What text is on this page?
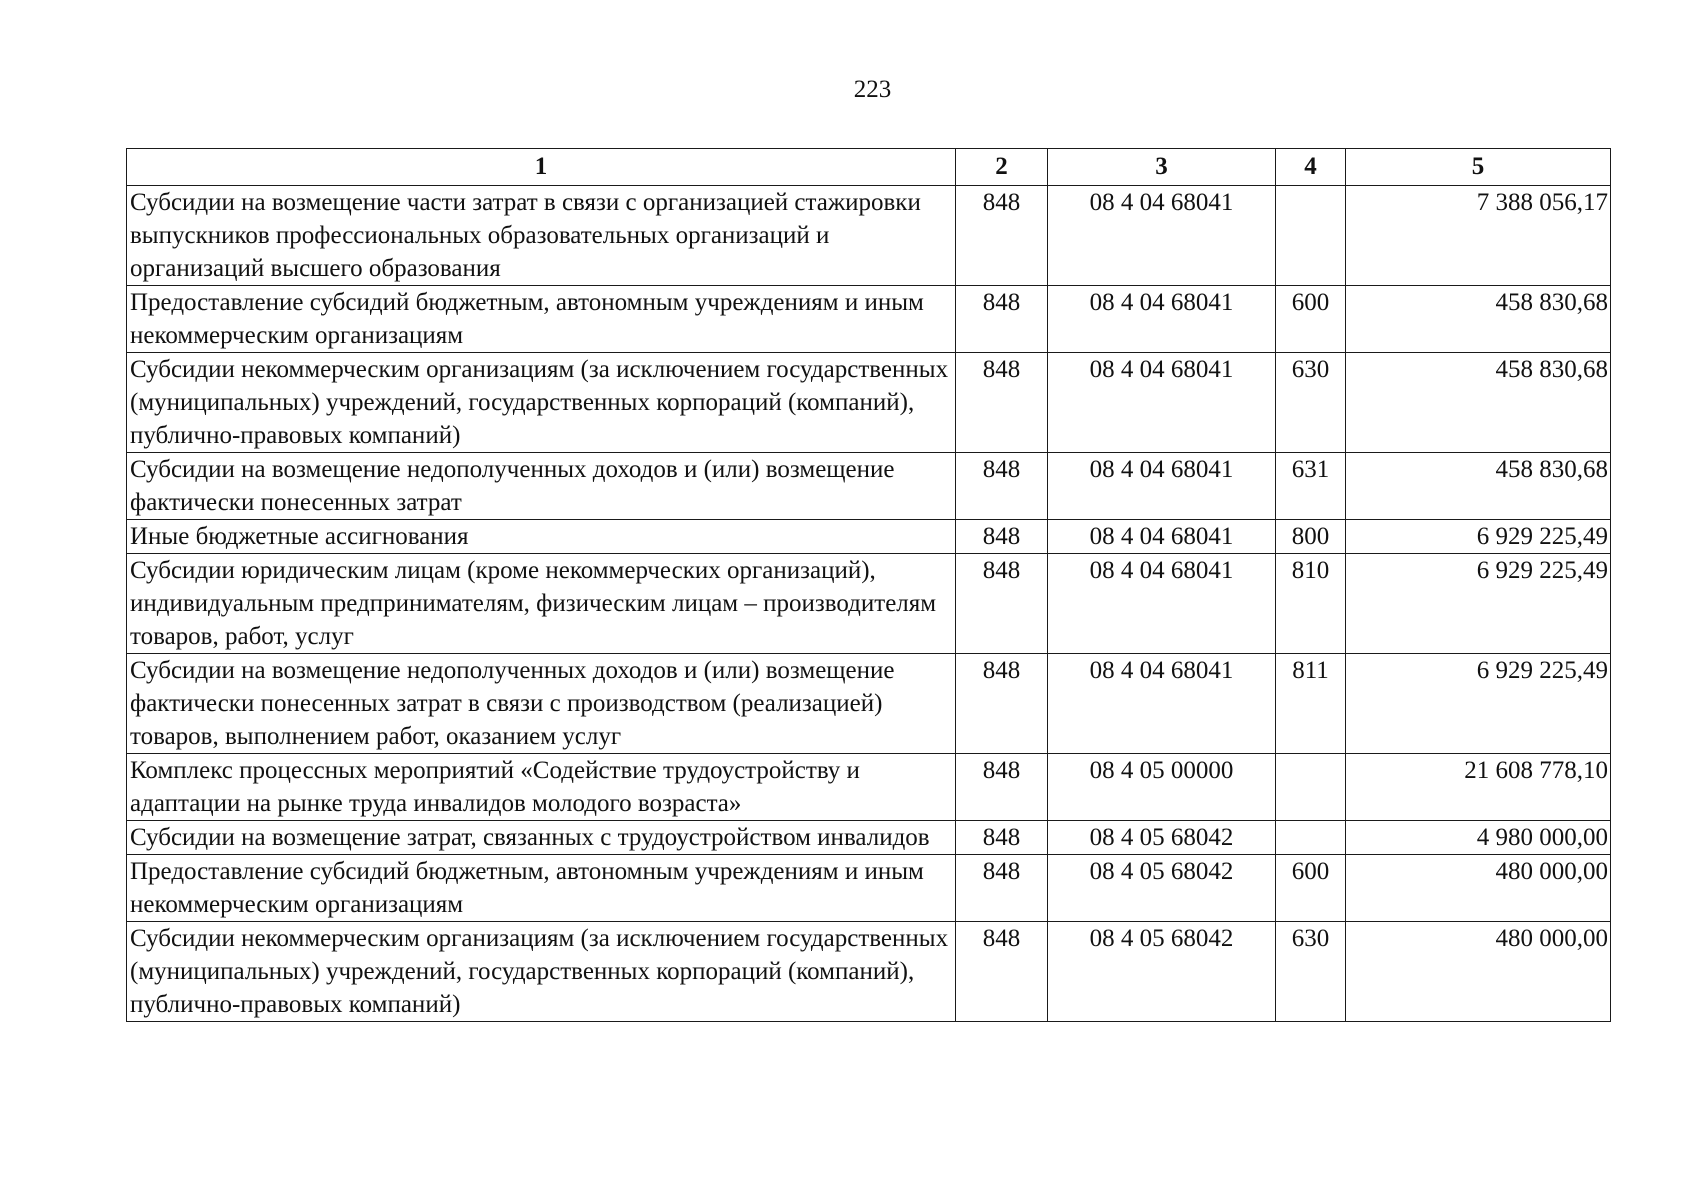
223
1	2	3	4	5
Субсидии на возмещение части затрат в связи с организацией стажировки выпускников профессиональных образовательных организаций и организаций высшего образования	848	08 4 04 68041		7 388 056,17
Предоставление субсидий бюджетным, автономным учреждениям и иным некоммерческим организациям	848	08 4 04 68041	600	458 830,68
Субсидии некоммерческим организациям (за исключением государственных (муниципальных) учреждений, государственных корпораций (компаний), публично-правовых компаний)	848	08 4 04 68041	630	458 830,68
Субсидии на возмещение недополученных доходов и (или) возмещение фактически понесенных затрат	848	08 4 04 68041	631	458 830,68
Иные бюджетные ассигнования	848	08 4 04 68041	800	6 929 225,49
Субсидии юридическим лицам (кроме некоммерческих организаций), индивидуальным предпринимателям, физическим лицам – производителям товаров, работ, услуг	848	08 4 04 68041	810	6 929 225,49
Субсидии на возмещение недополученных доходов и (или) возмещение фактически понесенных затрат в связи с производством (реализацией) товаров, выполнением работ, оказанием услуг	848	08 4 04 68041	811	6 929 225,49
Комплекс процессных мероприятий «Содействие трудоустройству и адаптации на рынке труда инвалидов молодого возраста»	848	08 4 05 00000		21 608 778,10
Субсидии на возмещение затрат, связанных с трудоустройством инвалидов	848	08 4 05 68042		4 980 000,00
Предоставление субсидий бюджетным, автономным учреждениям и иным некоммерческим организациям	848	08 4 05 68042	600	480 000,00
Субсидии некоммерческим организациям (за исключением государственных (муниципальных) учреждений, государственных корпораций (компаний), публично-правовых компаний)	848	08 4 05 68042	630	480 000,00
